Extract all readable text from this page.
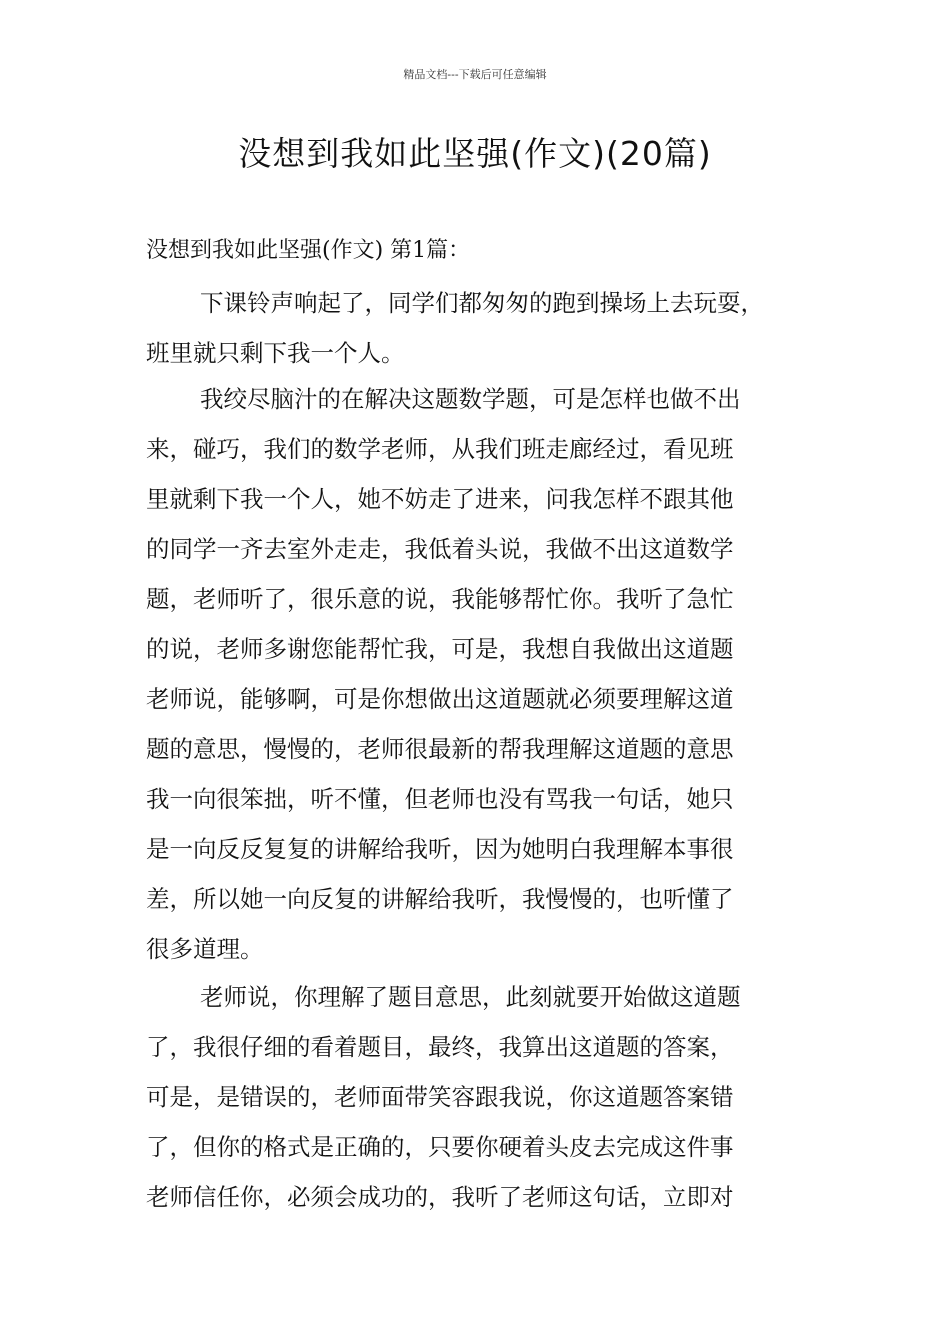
精品文档---下载后可任意编辑
没想到我如此坚强(作文)(20篇)

没想到我如此坚强(作文) 第1篇：

下课铃声响起了，同学们都匆匆的跑到操场上去玩耍，
班里就只剩下我一个人。
我绞尽脑汁的在解决这题数学题，可是怎样也做不出
来，碰巧，我们的数学老师，从我们班走廊经过，看见班
里就剩下我一个人，她不妨走了进来，问我怎样不跟其他
的同学一齐去室外走走，我低着头说，我做不出这道数学
题，老师听了，很乐意的说，我能够帮忙你。我听了急忙
的说，老师多谢您能帮忙我，可是，我想自我做出这道题
老师说，能够啊，可是你想做出这道题就必须要理解这道
题的意思，慢慢的，老师很最新的帮我理解这道题的意思
我一向很笨拙，听不懂，但老师也没有骂我一句话，她只
是一向反反复复的讲解给我听，因为她明白我理解本事很
差，所以她一向反复的讲解给我听，我慢慢的，也听懂了
很多道理。
老师说，你理解了题目意思，此刻就要开始做这道题
了，我很仔细的看着题目，最终，我算出这道题的答案，
可是，是错误的，老师面带笑容跟我说，你这道题答案错
了，但你的格式是正确的，只要你硬着头皮去完成这件事
老师信任你，必须会成功的，我听了老师这句话，立即对
